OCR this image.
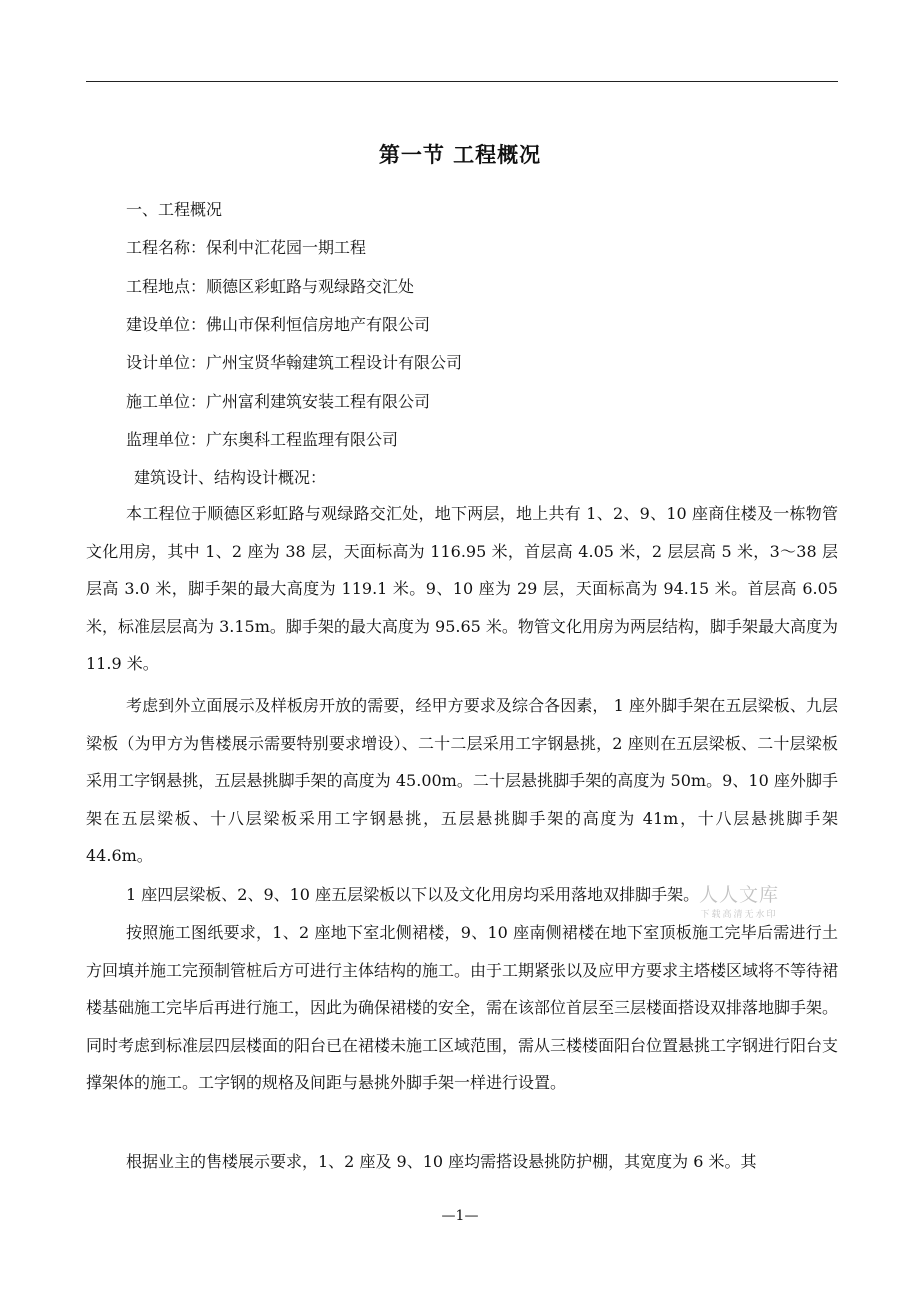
第一节 工程概况
一、工程概况
工程名称：保利中汇花园一期工程
工程地点：顺德区彩虹路与观绿路交汇处
建设单位：佛山市保利恒信房地产有限公司
设计单位：广州宝贤华翰建筑工程设计有限公司
施工单位：广州富利建筑安装工程有限公司
监理单位：广东奥科工程监理有限公司
建筑设计、结构设计概况：

本工程位于顺德区彩虹路与观绿路交汇处，地下两层，地上共有 1、2、9、10 座商住楼及一栋物管文化用房，其中 1、2 座为 38 层，天面标高为 116.95 米，首层高 4.05 米，2 层层高 5 米，3～38 层层高 3.0 米，脚手架的最大高度为 119.1 米。9、10 座为 29 层，天面标高为 94.15 米。首层高 6.05 米，标准层层高为 3.15m。脚手架的最大高度为 95.65 米。物管文化用房为两层结构，脚手架最大高度为 11.9 米。

考虑到外立面展示及样板房开放的需要，经甲方要求及综合各因素， 1 座外脚手架在五层梁板、九层梁板（为甲方为售楼展示需要特别要求增设）、二十二层采用工字钢悬挑，2 座则在五层梁板、二十层梁板采用工字钢悬挑，五层悬挑脚手架的高度为 45.00m。二十层悬挑脚手架的高度为 50m。9、10 座外脚手架在五层梁板、十八层梁板采用工字钢悬挑，五层悬挑脚手架的高度为 41m，十八层悬挑脚手架 44.6m。

1 座四层梁板、2、9、10 座五层梁板以下以及文化用房均采用落地双排脚手架。

按照施工图纸要求，1、2 座地下室北侧裙楼，9、10 座南侧裙楼在地下室顶板施工完毕后需进行土方回填并施工完预制管桩后方可进行主体结构的施工。由于工期紧张以及应甲方要求主塔楼区域将不等待裙楼基础施工完毕后再进行施工，因此为确保裙楼的安全，需在该部位首层至三层楼面搭设双排落地脚手架。同时考虑到标准层四层楼面的阳台已在裙楼未施工区域范围，需从三楼楼面阳台位置悬挑工字钢进行阳台支撑架体的施工。工字钢的规格及间距与悬挑外脚手架一样进行设置。

根据业主的售楼展示要求，1、2 座及 9、10 座均需搭设悬挑防护棚，其宽度为 6 米。其

人人文库
下载高清无水印
—1—
